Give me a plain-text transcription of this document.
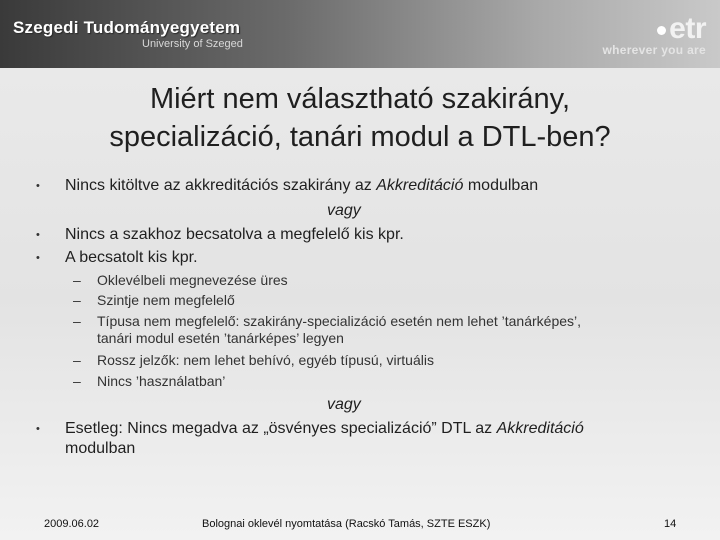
Szegedi Tudományegyetem
University of Szeged	etr
wherever you are
Miért nem választható szakirány,
specializáció, tanári modul a DTL-ben?
• Nincs kitöltve az akkreditációs szakirány az Akkreditáció modulban
vagy
• Nincs a szakhoz becsatolva a megfelelő kis kpr.
• A becsatolt kis kpr.
– Oklevélbeli megnevezése üres
– Szintje nem megfelelő
– Típusa nem megfelelő: szakirány-specializáció esetén nem lehet ’tanárképes’,
tanári modul esetén ’tanárképes’ legyen
– Rossz jelzők: nem lehet behívó, egyéb típusú, virtuális
– Nincs ’használatban’
vagy
• Esetleg: Nincs megadva az „ösvényes specializáció” DTL az Akkreditáció
modulban
2009.06.02	Bolognai oklevél nyomtatása (Racskó Tamás, SZTE ESZK)	14
